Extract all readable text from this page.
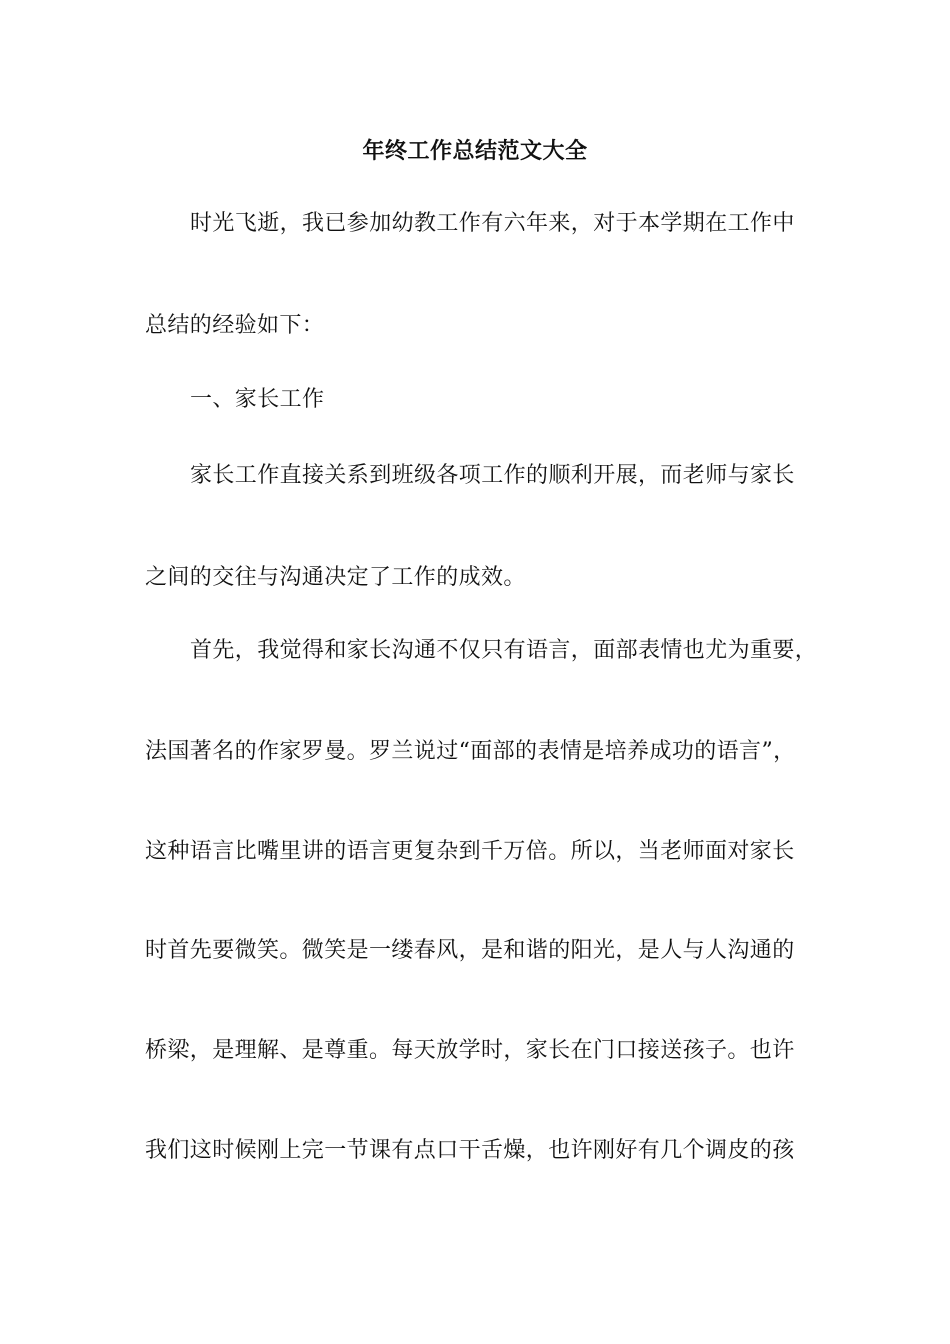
年终工作总结范文大全
时光飞逝，我已参加幼教工作有六年来，对于本学期在工作中
总结的经验如下：
一、家长工作
家长工作直接关系到班级各项工作的顺利开展，而老师与家长
之间的交往与沟通决定了工作的成效。
首先，我觉得和家长沟通不仅只有语言，面部表情也尤为重要，
法国著名的作家罗曼。罗兰说过“面部的表情是培养成功的语言”，
这种语言比嘴里讲的语言更复杂到千万倍。所以，当老师面对家长
时首先要微笑。微笑是一缕春风，是和谐的阳光，是人与人沟通的
桥梁，是理解、是尊重。每天放学时，家长在门口接送孩子。也许
我们这时候刚上完一节课有点口干舌燥，也许刚好有几个调皮的孩
